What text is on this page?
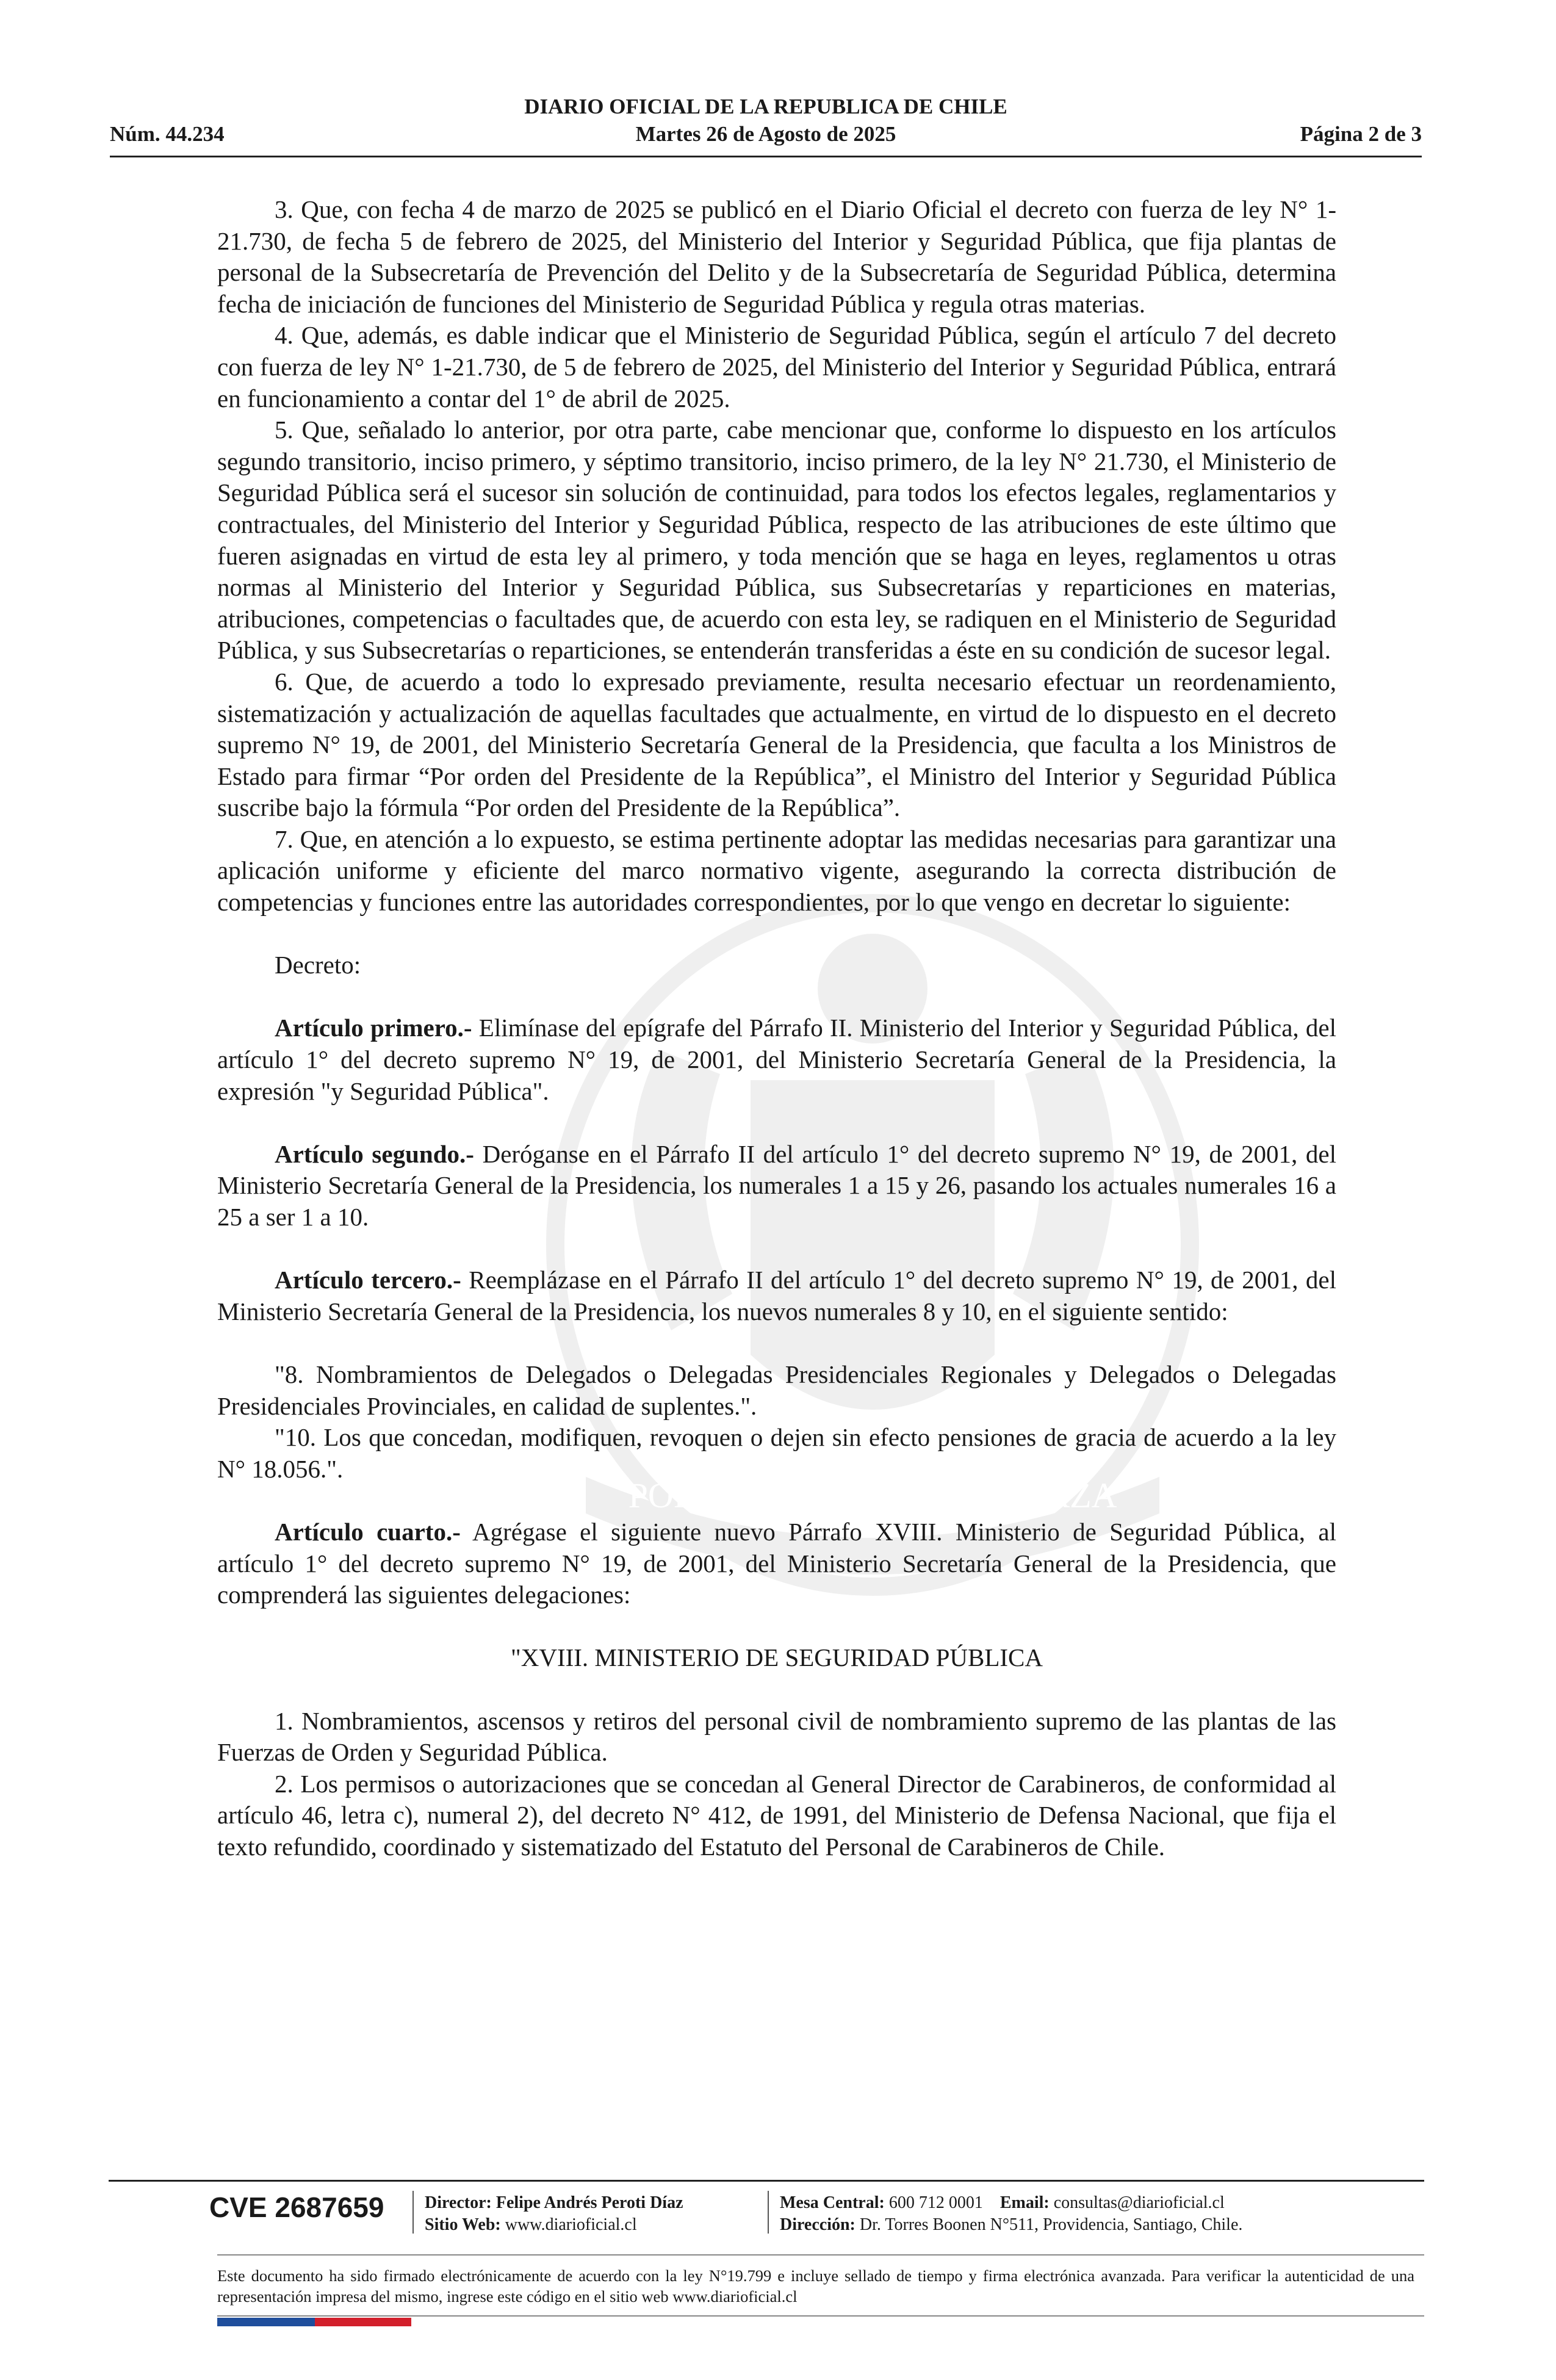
POR LA RAZÓN O LA FUERZA
DIARIO OFICIAL DE LA REPUBLICA DE CHILE
Núm. 44.234	Martes 26 de Agosto de 2025	Página 2 de 3

3. Que, con fecha 4 de marzo de 2025 se publicó en el Diario Oficial el decreto con fuerza de ley N° 1-21.730, de fecha 5 de febrero de 2025, del Ministerio del Interior y Seguridad Pública, que fija plantas de personal de la Subsecretaría de Prevención del Delito y de la Subsecretaría de Seguridad Pública, determina fecha de iniciación de funciones del Ministerio de Seguridad Pública y regula otras materias.

4. Que, además, es dable indicar que el Ministerio de Seguridad Pública, según el artículo 7 del decreto con fuerza de ley N° 1-21.730, de 5 de febrero de 2025, del Ministerio del Interior y Seguridad Pública, entrará en funcionamiento a contar del 1° de abril de 2025.

5. Que, señalado lo anterior, por otra parte, cabe mencionar que, conforme lo dispuesto en los artículos segundo transitorio, inciso primero, y séptimo transitorio, inciso primero, de la ley N° 21.730, el Ministerio de Seguridad Pública será el sucesor sin solución de continuidad, para todos los efectos legales, reglamentarios y contractuales, del Ministerio del Interior y Seguridad Pública, respecto de las atribuciones de este último que fueren asignadas en virtud de esta ley al primero, y toda mención que se haga en leyes, reglamentos u otras normas al Ministerio del Interior y Seguridad Pública, sus Subsecretarías y reparticiones en materias, atribuciones, competencias o facultades que, de acuerdo con esta ley, se radiquen en el Ministerio de Seguridad Pública, y sus Subsecretarías o reparticiones, se entenderán transferidas a éste en su condición de sucesor legal.

6. Que, de acuerdo a todo lo expresado previamente, resulta necesario efectuar un reordenamiento, sistematización y actualización de aquellas facultades que actualmente, en virtud de lo dispuesto en el decreto supremo N° 19, de 2001, del Ministerio Secretaría General de la Presidencia, que faculta a los Ministros de Estado para firmar “Por orden del Presidente de la República”, el Ministro del Interior y Seguridad Pública suscribe bajo la fórmula “Por orden del Presidente de la República”.

7. Que, en atención a lo expuesto, se estima pertinente adoptar las medidas necesarias para garantizar una aplicación uniforme y eficiente del marco normativo vigente, asegurando la correcta distribución de competencias y funciones entre las autoridades correspondientes, por lo que vengo en decretar lo siguiente:

Decreto:

Artículo primero.- Elimínase del epígrafe del Párrafo II. Ministerio del Interior y Seguridad Pública, del artículo 1° del decreto supremo N° 19, de 2001, del Ministerio Secretaría General de la Presidencia, la expresión "y Seguridad Pública".

Artículo segundo.- Deróganse en el Párrafo II del artículo 1° del decreto supremo N° 19, de 2001, del Ministerio Secretaría General de la Presidencia, los numerales 1 a 15 y 26, pasando los actuales numerales 16 a 25 a ser 1 a 10.

Artículo tercero.- Reemplázase en el Párrafo II del artículo 1° del decreto supremo N° 19, de 2001, del Ministerio Secretaría General de la Presidencia, los nuevos numerales 8 y 10, en el siguiente sentido:

"8. Nombramientos de Delegados o Delegadas Presidenciales Regionales y Delegados o Delegadas Presidenciales Provinciales, en calidad de suplentes.".

"10. Los que concedan, modifiquen, revoquen o dejen sin efecto pensiones de gracia de acuerdo a la ley N° 18.056.".

Artículo cuarto.- Agrégase el siguiente nuevo Párrafo XVIII. Ministerio de Seguridad Pública, al artículo 1° del decreto supremo N° 19, de 2001, del Ministerio Secretaría General de la Presidencia, que comprenderá las siguientes delegaciones:

"XVIII. MINISTERIO DE SEGURIDAD PÚBLICA

1. Nombramientos, ascensos y retiros del personal civil de nombramiento supremo de las plantas de las Fuerzas de Orden y Seguridad Pública.

2. Los permisos o autorizaciones que se concedan al General Director de Carabineros, de conformidad al artículo 46, letra c), numeral 2), del decreto N° 412, de 1991, del Ministerio de Defensa Nacional, que fija el texto refundido, coordinado y sistematizado del Estatuto del Personal de Carabineros de Chile.

CVE 2687659 Director: Felipe Andrés Peroti Díaz
Sitio Web: www.diarioficial.cl
Mesa Central: 600 712 0001 Email: consultas@diarioficial.cl
Dirección: Dr. Torres Boonen N°511, Providencia, Santiago, Chile.
Este documento ha sido firmado electrónicamente de acuerdo con la ley N°19.799 e incluye sellado de tiempo y firma electrónica avanzada. Para verificar la autenticidad de una representación impresa del mismo, ingrese este código en el sitio web www.diarioficial.cl
